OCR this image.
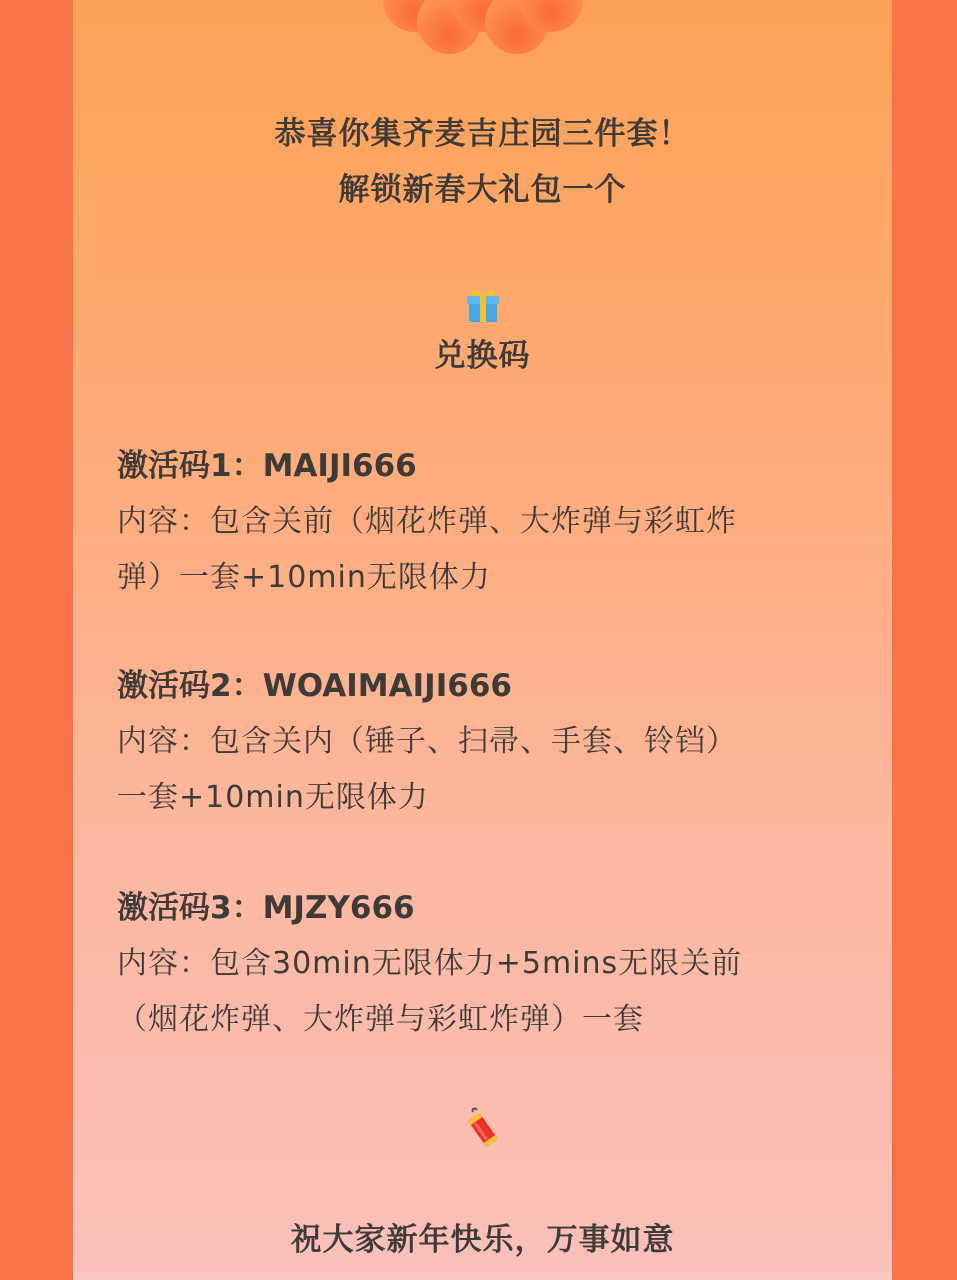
恭喜你集齐麦吉庄园三件套！
解锁新春大礼包一个
兑换码
激活码1：MAIJI666
内容：包含关前（烟花炸弹、大炸弹与彩虹炸
弹）一套+10min无限体力
激活码2：WOAIMAIJI666
内容：包含关内（锤子、扫帚、手套、铃铛）
一套+10min无限体力
激活码3：MJZY666
内容：包含30min无限体力+5mins无限关前
（烟花炸弹、大炸弹与彩虹炸弹）一套
祝大家新年快乐，万事如意
